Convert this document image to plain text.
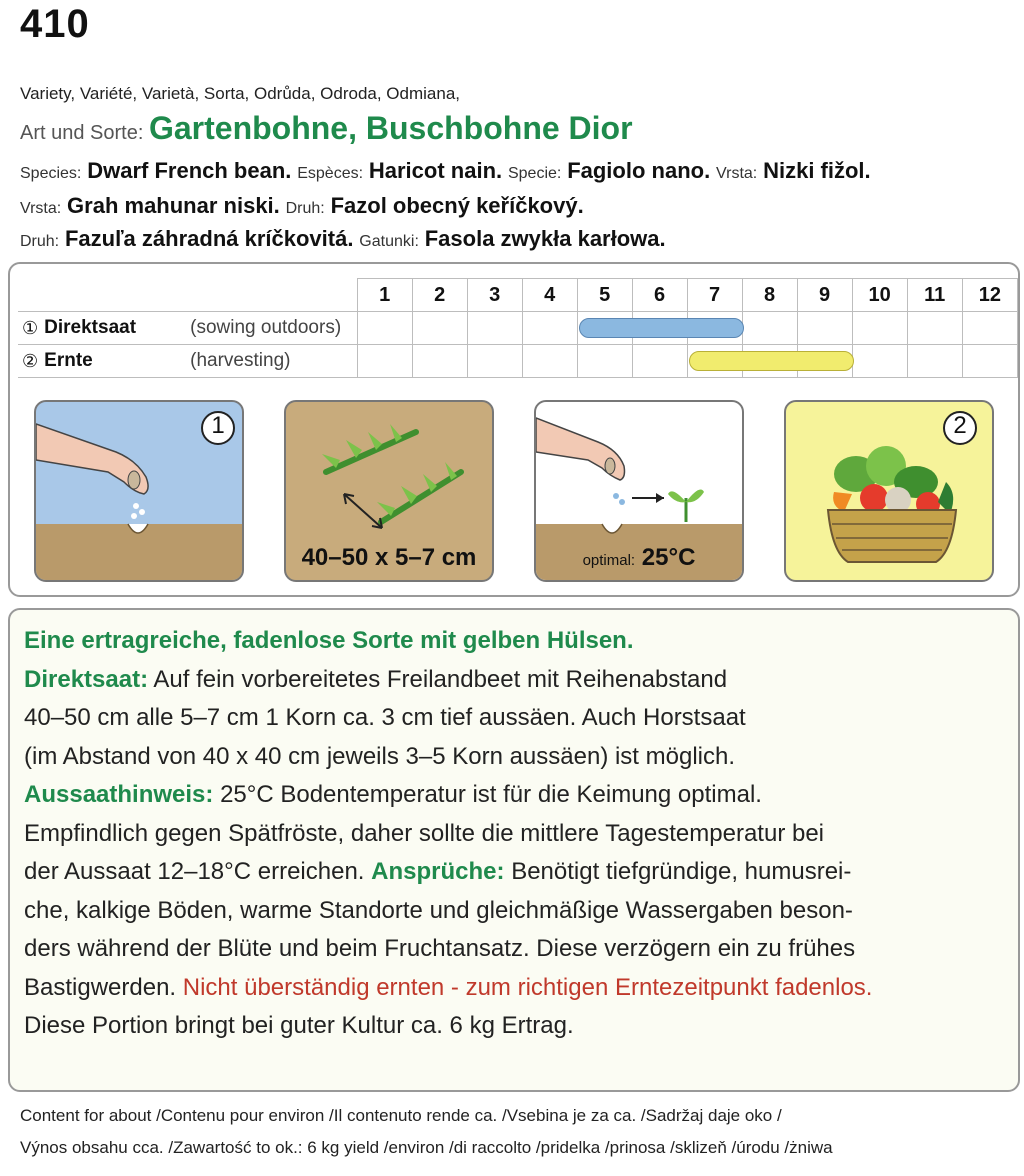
410
Variety, Variété, Varietà, Sorta, Odrůda, Odroda, Odmiana,
Art und Sorte: Gartenbohne, Buschbohne Dior
Species: Dwarf French bean. Espèces: Haricot nain. Specie: Fagiolo nano. Vrsta: Nizki fižol.
Vrsta: Grah mahunar niski. Druh: Fazol obecný keříčkový.
Druh: Fazuľa záhradná kríčkovitá. Gatunki: Fasola zwykła karłowa.
	1	2	3	4	5	6	7	8	9	10	11	12

① Direktsaat (sowing outdoors)												

② Ernte (harvesting)												

1
40–50 x 5–7 cm	optimal: 25°C
2

Eine ertragreiche, fadenlose Sorte mit gelben Hülsen.

Direktsaat: Auf fein vorbereitetes Freilandbeet mit Reihenabstand

40–50 cm alle 5–7 cm 1 Korn ca. 3 cm tief aussäen. Auch Horstsaat

(im Abstand von 40 x 40 cm jeweils 3–5 Korn aussäen) ist möglich.

Aussaathinweis: 25°C Bodentemperatur ist für die Keimung optimal.

Empfindlich gegen Spätfröste, daher sollte die mittlere Tagestemperatur bei

der Aussaat 12–18°C erreichen. Ansprüche: Benötigt tiefgründige, humusrei-

che, kalkige Böden, warme Standorte und gleichmäßige Wassergaben beson-

ders während der Blüte und beim Fruchtansatz. Diese verzögern ein zu frühes

Bastigwerden. Nicht überständig ernten - zum richtigen Erntezeitpunkt fadenlos.

Diese Portion bringt bei guter Kultur ca. 6 kg Ertrag.

Content for about /Contenu pour environ /Il contenuto rende ca. /Vsebina je za ca. /Sadržaj daje oko /
Výnos obsahu cca. /Zawartość to ok.: 6 kg yield /environ /di raccolto /pridelka /prinosa /sklizeň /úrodu /żniwa
